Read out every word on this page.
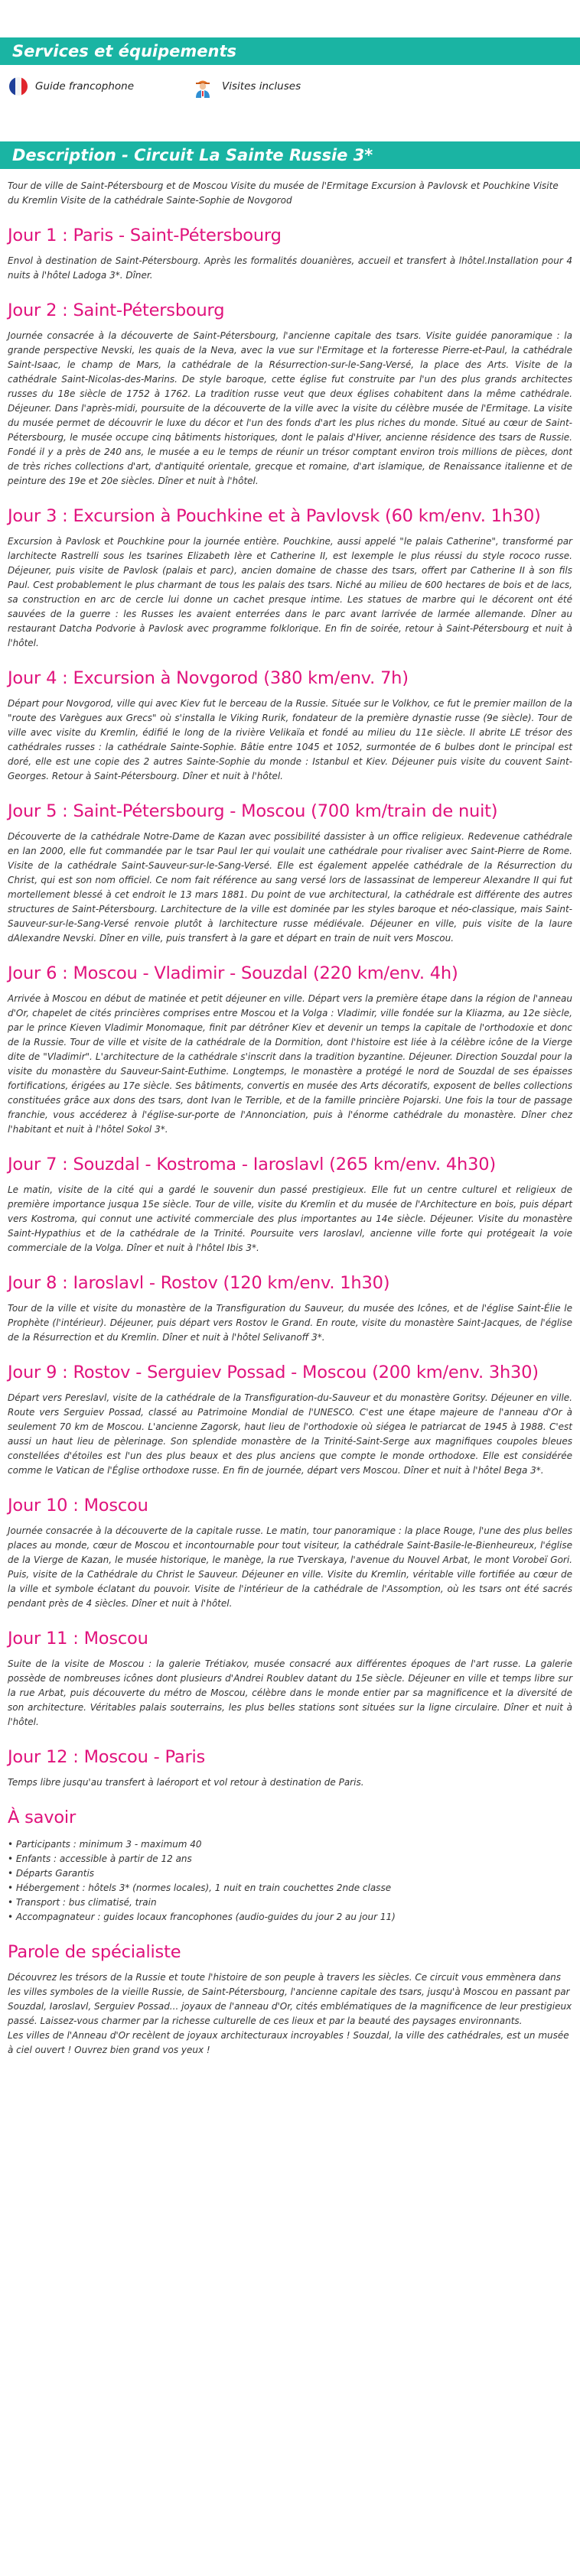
Services et équipements
Guide francophone	Visites incluses
Description - Circuit La Sainte Russie 3*

Tour de ville de Saint-Pétersbourg et de Moscou Visite du musée de l'Ermitage Excursion à Pavlovsk et Pouchkine Visite du Kremlin Visite de la cathédrale Sainte-Sophie de Novgorod

Jour 1 : Paris - Saint-Pétersbourg

Envol à destination de Saint-Pétersbourg. Après les formalités douanières, accueil et transfert à lhôtel.Installation pour 4 nuits à l'hôtel Ladoga 3*. Dîner.

Jour 2 : Saint-Pétersbourg

Journée consacrée à la découverte de Saint-Pétersbourg, l'ancienne capitale des tsars. Visite guidée panoramique : la grande perspective Nevski, les quais de la Neva, avec la vue sur l'Ermitage et la forteresse Pierre-et-Paul, la cathédrale Saint-Isaac, le champ de Mars, la cathédrale de la Résurrection-sur-le-Sang-Versé, la place des Arts. Visite de la cathédrale Saint-Nicolas-des-Marins. De style baroque, cette église fut construite par l'un des plus grands architectes russes du 18e siècle de 1752 à 1762. La tradition russe veut que deux églises cohabitent dans la même cathédrale. Déjeuner. Dans l'après-midi, poursuite de la découverte de la ville avec la visite du célèbre musée de l'Ermitage. La visite du musée permet de découvrir le luxe du décor et l'un des fonds d'art les plus riches du monde. Situé au cœur de Saint-Pétersbourg, le musée occupe cinq bâtiments historiques, dont le palais d'Hiver, ancienne résidence des tsars de Russie. Fondé il y a près de 240 ans, le musée a eu le temps de réunir un trésor comptant environ trois millions de pièces, dont de très riches collections d'art, d'antiquité orientale, grecque et romaine, d'art islamique, de Renaissance italienne et de peinture des 19e et 20e siècles. Dîner et nuit à l'hôtel.

Jour 3 : Excursion à Pouchkine et à Pavlovsk (60 km/env. 1h30)

Excursion à Pavlosk et Pouchkine pour la journée entière. Pouchkine, aussi appelé "le palais Catherine", transformé par larchitecte Rastrelli sous les tsarines Elizabeth Ière et Catherine II, est lexemple le plus réussi du style rococo russe. Déjeuner, puis visite de Pavlosk (palais et parc), ancien domaine de chasse des tsars, offert par Catherine II à son fils Paul. Cest probablement le plus charmant de tous les palais des tsars. Niché au milieu de 600 hectares de bois et de lacs, sa construction en arc de cercle lui donne un cachet presque intime. Les statues de marbre qui le décorent ont été sauvées de la guerre : les Russes les avaient enterrées dans le parc avant larrivée de larmée allemande. Dîner au restaurant Datcha Podvorie à Pavlosk avec programme folklorique. En fin de soirée, retour à Saint-Pétersbourg et nuit à l'hôtel.

Jour 4 : Excursion à Novgorod (380 km/env. 7h)

Départ pour Novgorod, ville qui avec Kiev fut le berceau de la Russie. Située sur le Volkhov, ce fut le premier maillon de la "route des Varègues aux Grecs" où s'installa le Viking Rurik, fondateur de la première dynastie russe (9e siècle). Tour de ville avec visite du Kremlin, édifié le long de la rivière Velikaïa et fondé au milieu du 11e siècle. Il abrite LE trésor des cathédrales russes : la cathédrale Sainte-Sophie. Bâtie entre 1045 et 1052, surmontée de 6 bulbes dont le principal est doré, elle est une copie des 2 autres Sainte-Sophie du monde : Istanbul et Kiev. Déjeuner puis visite du couvent Saint-Georges. Retour à Saint-Pétersbourg. Dîner et nuit à l'hôtel.

Jour 5 : Saint-Pétersbourg - Moscou (700 km/train de nuit)

Découverte de la cathédrale Notre-Dame de Kazan avec possibilité dassister à un office religieux. Redevenue cathédrale en lan 2000, elle fut commandée par le tsar Paul Ier qui voulait une cathédrale pour rivaliser avec Saint-Pierre de Rome. Visite de la cathédrale Saint-Sauveur-sur-le-Sang-Versé. Elle est également appelée cathédrale de la Résurrection du Christ, qui est son nom officiel. Ce nom fait référence au sang versé lors de lassassinat de lempereur Alexandre II qui fut mortellement blessé à cet endroit le 13 mars 1881. Du point de vue architectural, la cathédrale est différente des autres structures de Saint-Pétersbourg. Larchitecture de la ville est dominée par les styles baroque et néo-classique, mais Saint-Sauveur-sur-le-Sang-Versé renvoie plutôt à larchitecture russe médiévale. Déjeuner en ville, puis visite de la laure dAlexandre Nevski. Dîner en ville, puis transfert à la gare et départ en train de nuit vers Moscou.

Jour 6 : Moscou - Vladimir - Souzdal (220 km/env. 4h)

Arrivée à Moscou en début de matinée et petit déjeuner en ville. Départ vers la première étape dans la région de l'anneau d'Or, chapelet de cités princières comprises entre Moscou et la Volga : Vladimir, ville fondée sur la Kliazma, au 12e siècle, par le prince Kieven Vladimir Monomaque, finit par détrôner Kiev et devenir un temps la capitale de l'orthodoxie et donc de la Russie. Tour de ville et visite de la cathédrale de la Dormition, dont l'histoire est liée à la célèbre icône de la Vierge dite de "Vladimir". L'architecture de la cathédrale s'inscrit dans la tradition byzantine. Déjeuner. Direction Souzdal pour la visite du monastère du Sauveur-Saint-Euthime. Longtemps, le monastère a protégé le nord de Souzdal de ses épaisses fortifications, érigées au 17e siècle. Ses bâtiments, convertis en musée des Arts décoratifs, exposent de belles collections constituées grâce aux dons des tsars, dont Ivan le Terrible, et de la famille princière Pojarski. Une fois la tour de passage franchie, vous accéderez à l'église-sur-porte de l'Annonciation, puis à l'énorme cathédrale du monastère. Dîner chez l'habitant et nuit à l'hôtel Sokol 3*.

Jour 7 : Souzdal - Kostroma - Iaroslavl (265 km/env. 4h30)

Le matin, visite de la cité qui a gardé le souvenir dun passé prestigieux. Elle fut un centre culturel et religieux de première importance jusqua 15e siècle. Tour de ville, visite du Kremlin et du musée de l'Architecture en bois, puis départ vers Kostroma, qui connut une activité commerciale des plus importantes au 14e siècle. Déjeuner. Visite du monastère Saint-Hypathius et de la cathédrale de la Trinité. Poursuite vers Iaroslavl, ancienne ville forte qui protégeait la voie commerciale de la Volga. Dîner et nuit à l'hôtel Ibis 3*.

Jour 8 : Iaroslavl - Rostov (120 km/env. 1h30)

Tour de la ville et visite du monastère de la Transfiguration du Sauveur, du musée des Icônes, et de l'église Saint-Élie le Prophète (l'intérieur). Déjeuner, puis départ vers Rostov le Grand. En route, visite du monastère Saint-Jacques, de l'église de la Résurrection et du Kremlin. Dîner et nuit à l'hôtel Selivanoff 3*.

Jour 9 : Rostov - Serguiev Possad - Moscou (200 km/env. 3h30)

Départ vers Pereslavl, visite de la cathédrale de la Transfiguration-du-Sauveur et du monastère Goritsy. Déjeuner en ville. Route vers Serguiev Possad, classé au Patrimoine Mondial de l'UNESCO. C'est une étape majeure de l'anneau d'Or à seulement 70 km de Moscou. L'ancienne Zagorsk, haut lieu de l'orthodoxie où siégea le patriarcat de 1945 à 1988. C'est aussi un haut lieu de pèlerinage. Son splendide monastère de la Trinité-Saint-Serge aux magnifiques coupoles bleues constellées d'étoiles est l'un des plus beaux et des plus anciens que compte le monde orthodoxe. Elle est considérée comme le Vatican de l'Église orthodoxe russe. En fin de journée, départ vers Moscou. Dîner et nuit à l'hôtel Bega 3*.

Jour 10 : Moscou

Journée consacrée à la découverte de la capitale russe. Le matin, tour panoramique : la place Rouge, l'une des plus belles places au monde, cœur de Moscou et incontournable pour tout visiteur, la cathédrale Saint-Basile-le-Bienheureux, l'église de la Vierge de Kazan, le musée historique, le manège, la rue Tverskaya, l'avenue du Nouvel Arbat, le mont Vorobeï Gori. Puis, visite de la Cathédrale du Christ le Sauveur. Déjeuner en ville. Visite du Kremlin, véritable ville fortifiée au cœur de la ville et symbole éclatant du pouvoir. Visite de l'intérieur de la cathédrale de l'Assomption, où les tsars ont été sacrés pendant près de 4 siècles. Dîner et nuit à l'hôtel.

Jour 11 : Moscou

Suite de la visite de Moscou : la galerie Trétiakov, musée consacré aux différentes époques de l'art russe. La galerie possède de nombreuses icônes dont plusieurs d'Andrei Roublev datant du 15e siècle. Déjeuner en ville et temps libre sur la rue Arbat, puis découverte du métro de Moscou, célèbre dans le monde entier par sa magnificence et la diversité de son architecture. Véritables palais souterrains, les plus belles stations sont situées sur la ligne circulaire. Dîner et nuit à l'hôtel.

Jour 12 : Moscou - Paris

Temps libre jusqu'au transfert à laéroport et vol retour à destination de Paris.

À savoir
• Participants : minimum 3 - maximum 40
• Enfants : accessible à partir de 12 ans
• Départs Garantis
• Hébergement : hôtels 3* (normes locales), 1 nuit en train couchettes 2nde classe
• Transport : bus climatisé, train
• Accompagnateur : guides locaux francophones (audio-guides du jour 2 au jour 11)
Parole de spécialiste

Découvrez les trésors de la Russie et toute l'histoire de son peuple à travers les siècles. Ce circuit vous emmènera dans les villes symboles de la vieille Russie, de Saint-Pétersbourg, l'ancienne capitale des tsars, jusqu'à Moscou en passant par Souzdal, Iaroslavl, Serguiev Possad... joyaux de l'anneau d'Or, cités emblématiques de la magnificence de leur prestigieux passé. Laissez-vous charmer par la richesse culturelle de ces lieux et par la beauté des paysages environnants.

Les villes de l'Anneau d'Or recèlent de joyaux architecturaux incroyables ! Souzdal, la ville des cathédrales, est un musée à ciel ouvert ! Ouvrez bien grand vos yeux !
